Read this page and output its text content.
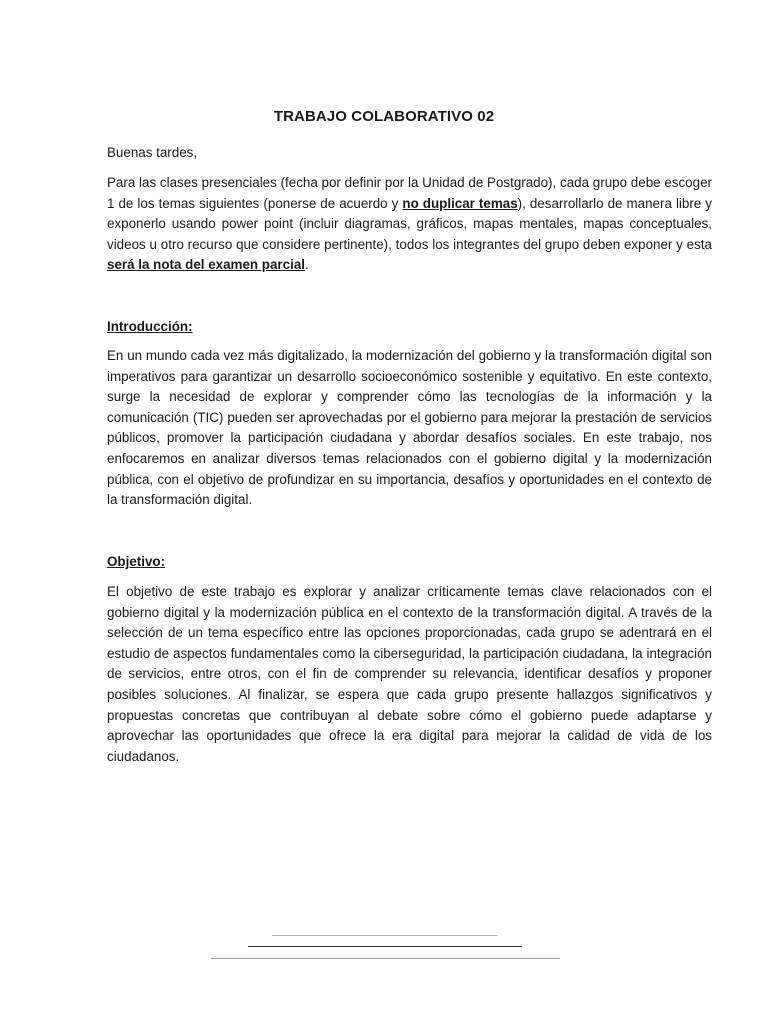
TRABAJO COLABORATIVO 02
Buenas tardes,
Para las clases presenciales (fecha por definir por la Unidad de Postgrado), cada grupo debe escoger 1 de los temas siguientes (ponerse de acuerdo y no duplicar temas), desarrollarlo de manera libre y exponerlo usando power point (incluir diagramas, gráficos, mapas mentales, mapas conceptuales, videos u otro recurso que considere pertinente), todos los integrantes del grupo deben exponer y esta será la nota del examen parcial.
Introducción:
En un mundo cada vez más digitalizado, la modernización del gobierno y la transformación digital son imperativos para garantizar un desarrollo socioeconómico sostenible y equitativo. En este contexto, surge la necesidad de explorar y comprender cómo las tecnologías de la información y la comunicación (TIC) pueden ser aprovechadas por el gobierno para mejorar la prestación de servicios públicos, promover la participación ciudadana y abordar desafíos sociales. En este trabajo, nos enfocaremos en analizar diversos temas relacionados con el gobierno digital y la modernización pública, con el objetivo de profundizar en su importancia, desafíos y oportunidades en el contexto de la transformación digital.
Objetivo:
El objetivo de este trabajo es explorar y analizar críticamente temas clave relacionados con el gobierno digital y la modernización pública en el contexto de la transformación digital. A través de la selección de un tema específico entre las opciones proporcionadas, cada grupo se adentrará en el estudio de aspectos fundamentales como la ciberseguridad, la participación ciudadana, la integración de servicios, entre otros, con el fin de comprender su relevancia, identificar desafíos y proponer posibles soluciones. Al finalizar, se espera que cada grupo presente hallazgos significativos y propuestas concretas que contribuyan al debate sobre cómo el gobierno puede adaptarse y aprovechar las oportunidades que ofrece la era digital para mejorar la calidad de vida de los ciudadanos.
